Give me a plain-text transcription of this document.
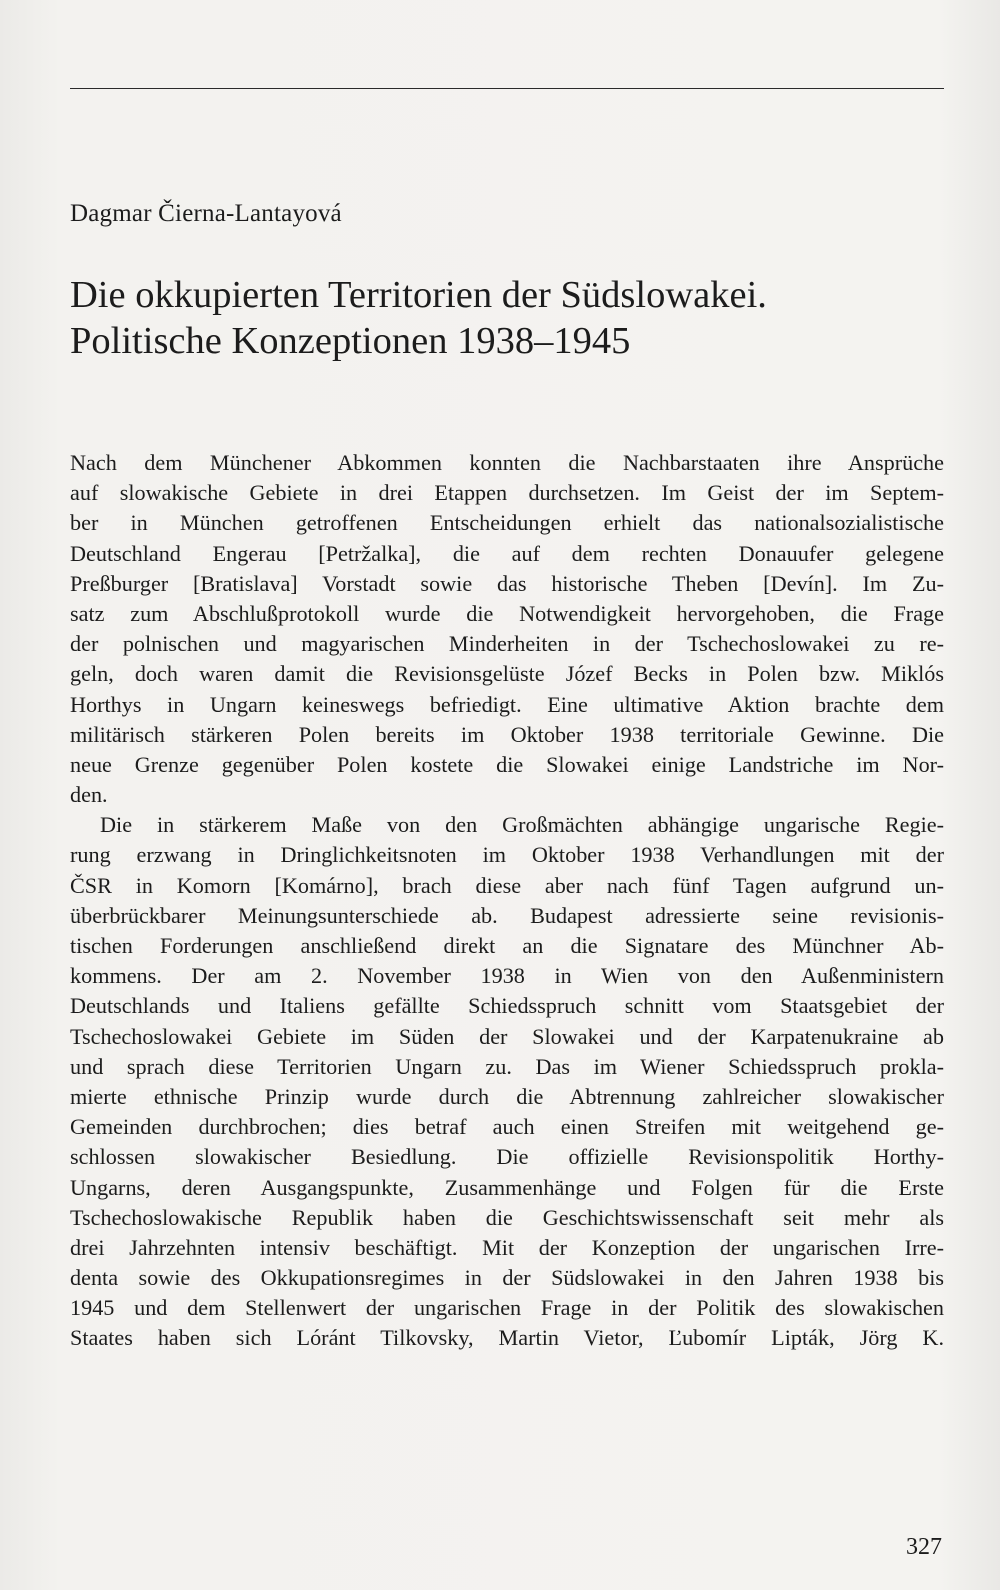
Dagmar Čierna-Lantayová
Die okkupierten Territorien der Südslowakei.
Politische Konzeptionen 1938–1945
Nach dem Münchener Abkommen konnten die Nachbarstaaten ihre Ansprüche
auf slowakische Gebiete in drei Etappen durchsetzen. Im Geist der im Septem-
ber in München getroffenen Entscheidungen erhielt das nationalsozialistische
Deutschland Engerau [Petržalka], die auf dem rechten Donauufer gelegene
Preßburger [Bratislava] Vorstadt sowie das historische Theben [Devín]. Im Zu-
satz zum Abschlußprotokoll wurde die Notwendigkeit hervorgehoben, die Frage
der polnischen und magyarischen Minderheiten in der Tschechoslowakei zu re-
geln, doch waren damit die Revisionsgelüste Józef Becks in Polen bzw. Miklós
Horthys in Ungarn keineswegs befriedigt. Eine ultimative Aktion brachte dem
militärisch stärkeren Polen bereits im Oktober 1938 territoriale Gewinne. Die
neue Grenze gegenüber Polen kostete die Slowakei einige Landstriche im Nor-
den.
Die in stärkerem Maße von den Großmächten abhängige ungarische Regie-
rung erzwang in Dringlichkeitsnoten im Oktober 1938 Verhandlungen mit der
ČSR in Komorn [Komárno], brach diese aber nach fünf Tagen aufgrund un-
überbrückbarer Meinungsunterschiede ab. Budapest adressierte seine revisionis-
tischen Forderungen anschließend direkt an die Signatare des Münchner Ab-
kommens. Der am 2. November 1938 in Wien von den Außenministern
Deutschlands und Italiens gefällte Schiedsspruch schnitt vom Staatsgebiet der
Tschechoslowakei Gebiete im Süden der Slowakei und der Karpatenukraine ab
und sprach diese Territorien Ungarn zu. Das im Wiener Schiedsspruch prokla-
mierte ethnische Prinzip wurde durch die Abtrennung zahlreicher slowakischer
Gemeinden durchbrochen; dies betraf auch einen Streifen mit weitgehend ge-
schlossen slowakischer Besiedlung. Die offizielle Revisionspolitik Horthy-
Ungarns, deren Ausgangspunkte, Zusammenhänge und Folgen für die Erste
Tschechoslowakische Republik haben die Geschichtswissenschaft seit mehr als
drei Jahrzehnten intensiv beschäftigt. Mit der Konzeption der ungarischen Irre-
denta sowie des Okkupationsregimes in der Südslowakei in den Jahren 1938 bis
1945 und dem Stellenwert der ungarischen Frage in der Politik des slowakischen
Staates haben sich Lóránt Tilkovsky, Martin Vietor, Ľubomír Lipták, Jörg K.
327
